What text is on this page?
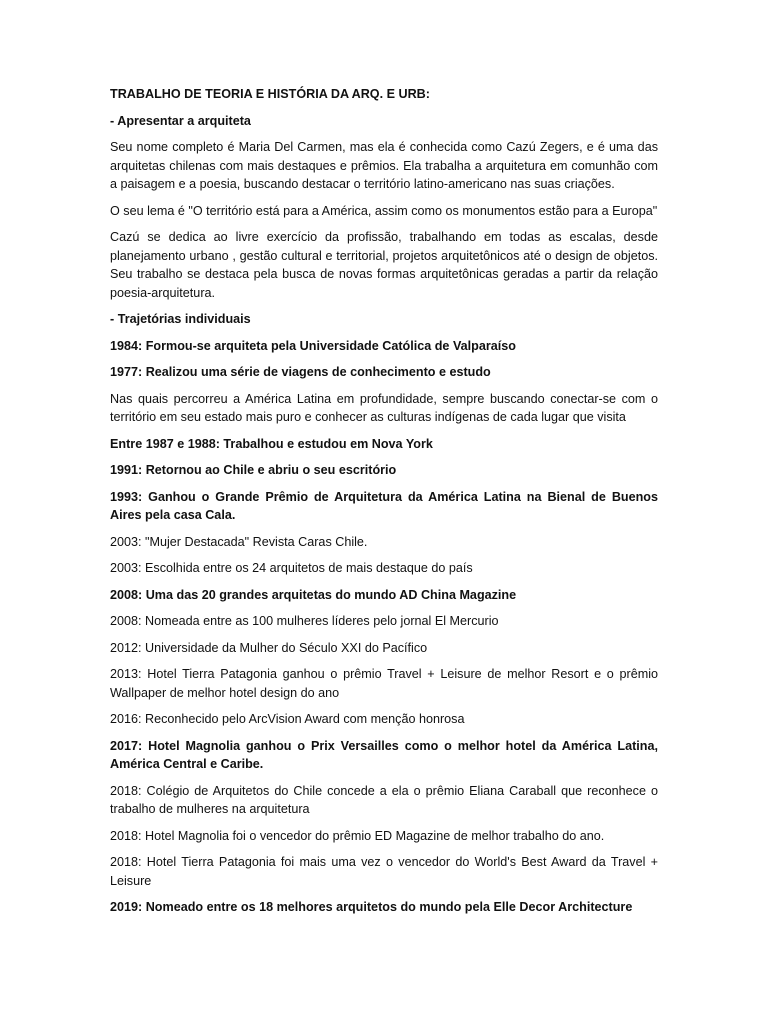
TRABALHO DE TEORIA E HISTÓRIA DA ARQ. E URB:

- Apresentar a arquiteta

Seu nome completo é Maria Del Carmen, mas ela é conhecida como Cazú Zegers, e é uma das arquitetas chilenas com mais destaques e prêmios. Ela trabalha a arquitetura em comunhão com a paisagem e a poesia, buscando destacar o território latino-americano nas suas criações.

O seu lema é "O território está para a América, assim como os monumentos estão para a Europa"

Cazú se dedica ao livre exercício da profissão, trabalhando em todas as escalas, desde planejamento urbano , gestão cultural e territorial, projetos arquitetônicos até o design de objetos. Seu trabalho se destaca pela busca de novas formas arquitetônicas geradas a partir da relação poesia-arquitetura.

- Trajetórias individuais

1984: Formou-se arquiteta pela Universidade Católica de Valparaíso

1977: Realizou uma série de viagens de conhecimento e estudo

Nas quais percorreu a América Latina em profundidade, sempre buscando conectar-se com o território em seu estado mais puro e conhecer as culturas indígenas de cada lugar que visita

Entre 1987 e 1988: Trabalhou e estudou em Nova York

1991: Retornou ao Chile e abriu o seu escritório

1993: Ganhou o Grande Prêmio de Arquitetura da América Latina na Bienal de Buenos Aires pela casa Cala.

2003: "Mujer Destacada" Revista Caras Chile.

2003: Escolhida entre os 24 arquitetos de mais destaque do país

2008: Uma das 20 grandes arquitetas do mundo AD China Magazine

2008: Nomeada entre as 100 mulheres líderes pelo jornal El Mercurio

2012: Universidade da Mulher do Século XXI do Pacífico

2013: Hotel Tierra Patagonia ganhou o prêmio Travel + Leisure de melhor Resort e o prêmio Wallpaper de melhor hotel design do ano

2016: Reconhecido pelo ArcVision Award com menção honrosa

2017: Hotel Magnolia ganhou o Prix Versailles como o melhor hotel da América Latina, América Central e Caribe.

2018: Colégio de Arquitetos do Chile concede a ela o prêmio Eliana Caraball que reconhece o trabalho de mulheres na arquitetura

2018: Hotel Magnolia foi o vencedor do prêmio ED Magazine de melhor trabalho do ano.

2018: Hotel Tierra Patagonia foi mais uma vez o vencedor do World's Best Award da Travel + Leisure

2019: Nomeado entre os 18 melhores arquitetos do mundo pela Elle Decor Architecture
